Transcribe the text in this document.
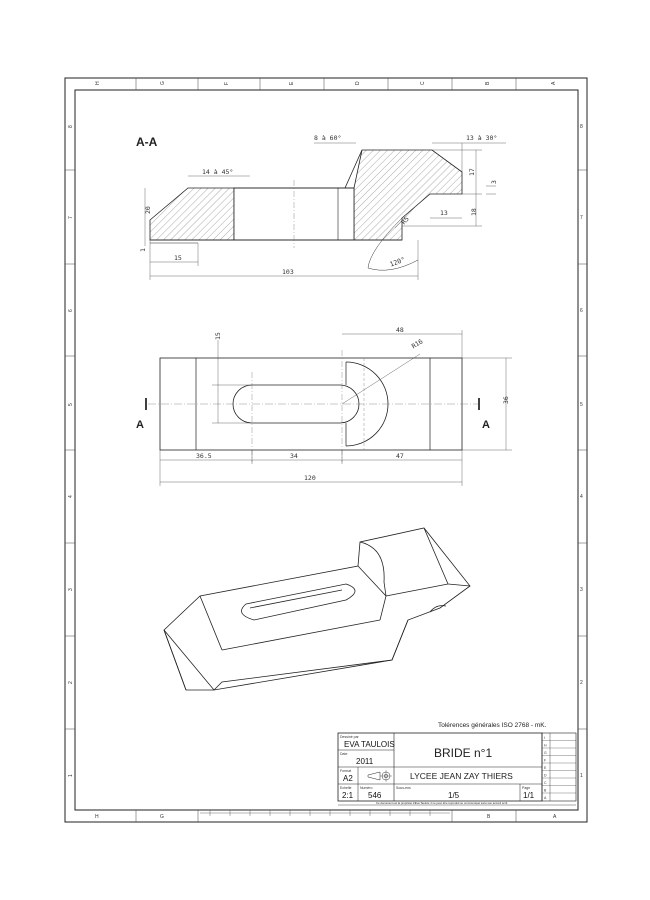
H	G	F	E	D	C	B	A
H	G	B	A
8
7
6
5
4
3
2
1
8
7
6
5
4
3
2
1
A-A
14 à 45°
20
1
15
103
8 à 60°	13 à 30°
17
18
3
13
R5
120°
A	A
15
48
R16
36
36.5	34	47
120
Tolérences générales ISO 2768 - mK.
Dessiné par
EVA TAULOIS
Date
2011
BRIDE n°1
Format
A2	LYCEE JEAN ZAY THIERS
Echelle
2:1
Numéro
546
Sous-ens
1/5
Page
1/1
I
H
G
F
E
D
C
B
A
Ce document est la propriété d'Eva Taulois; il ne peut être reproduit ou communiqué sans son accord écrit.
